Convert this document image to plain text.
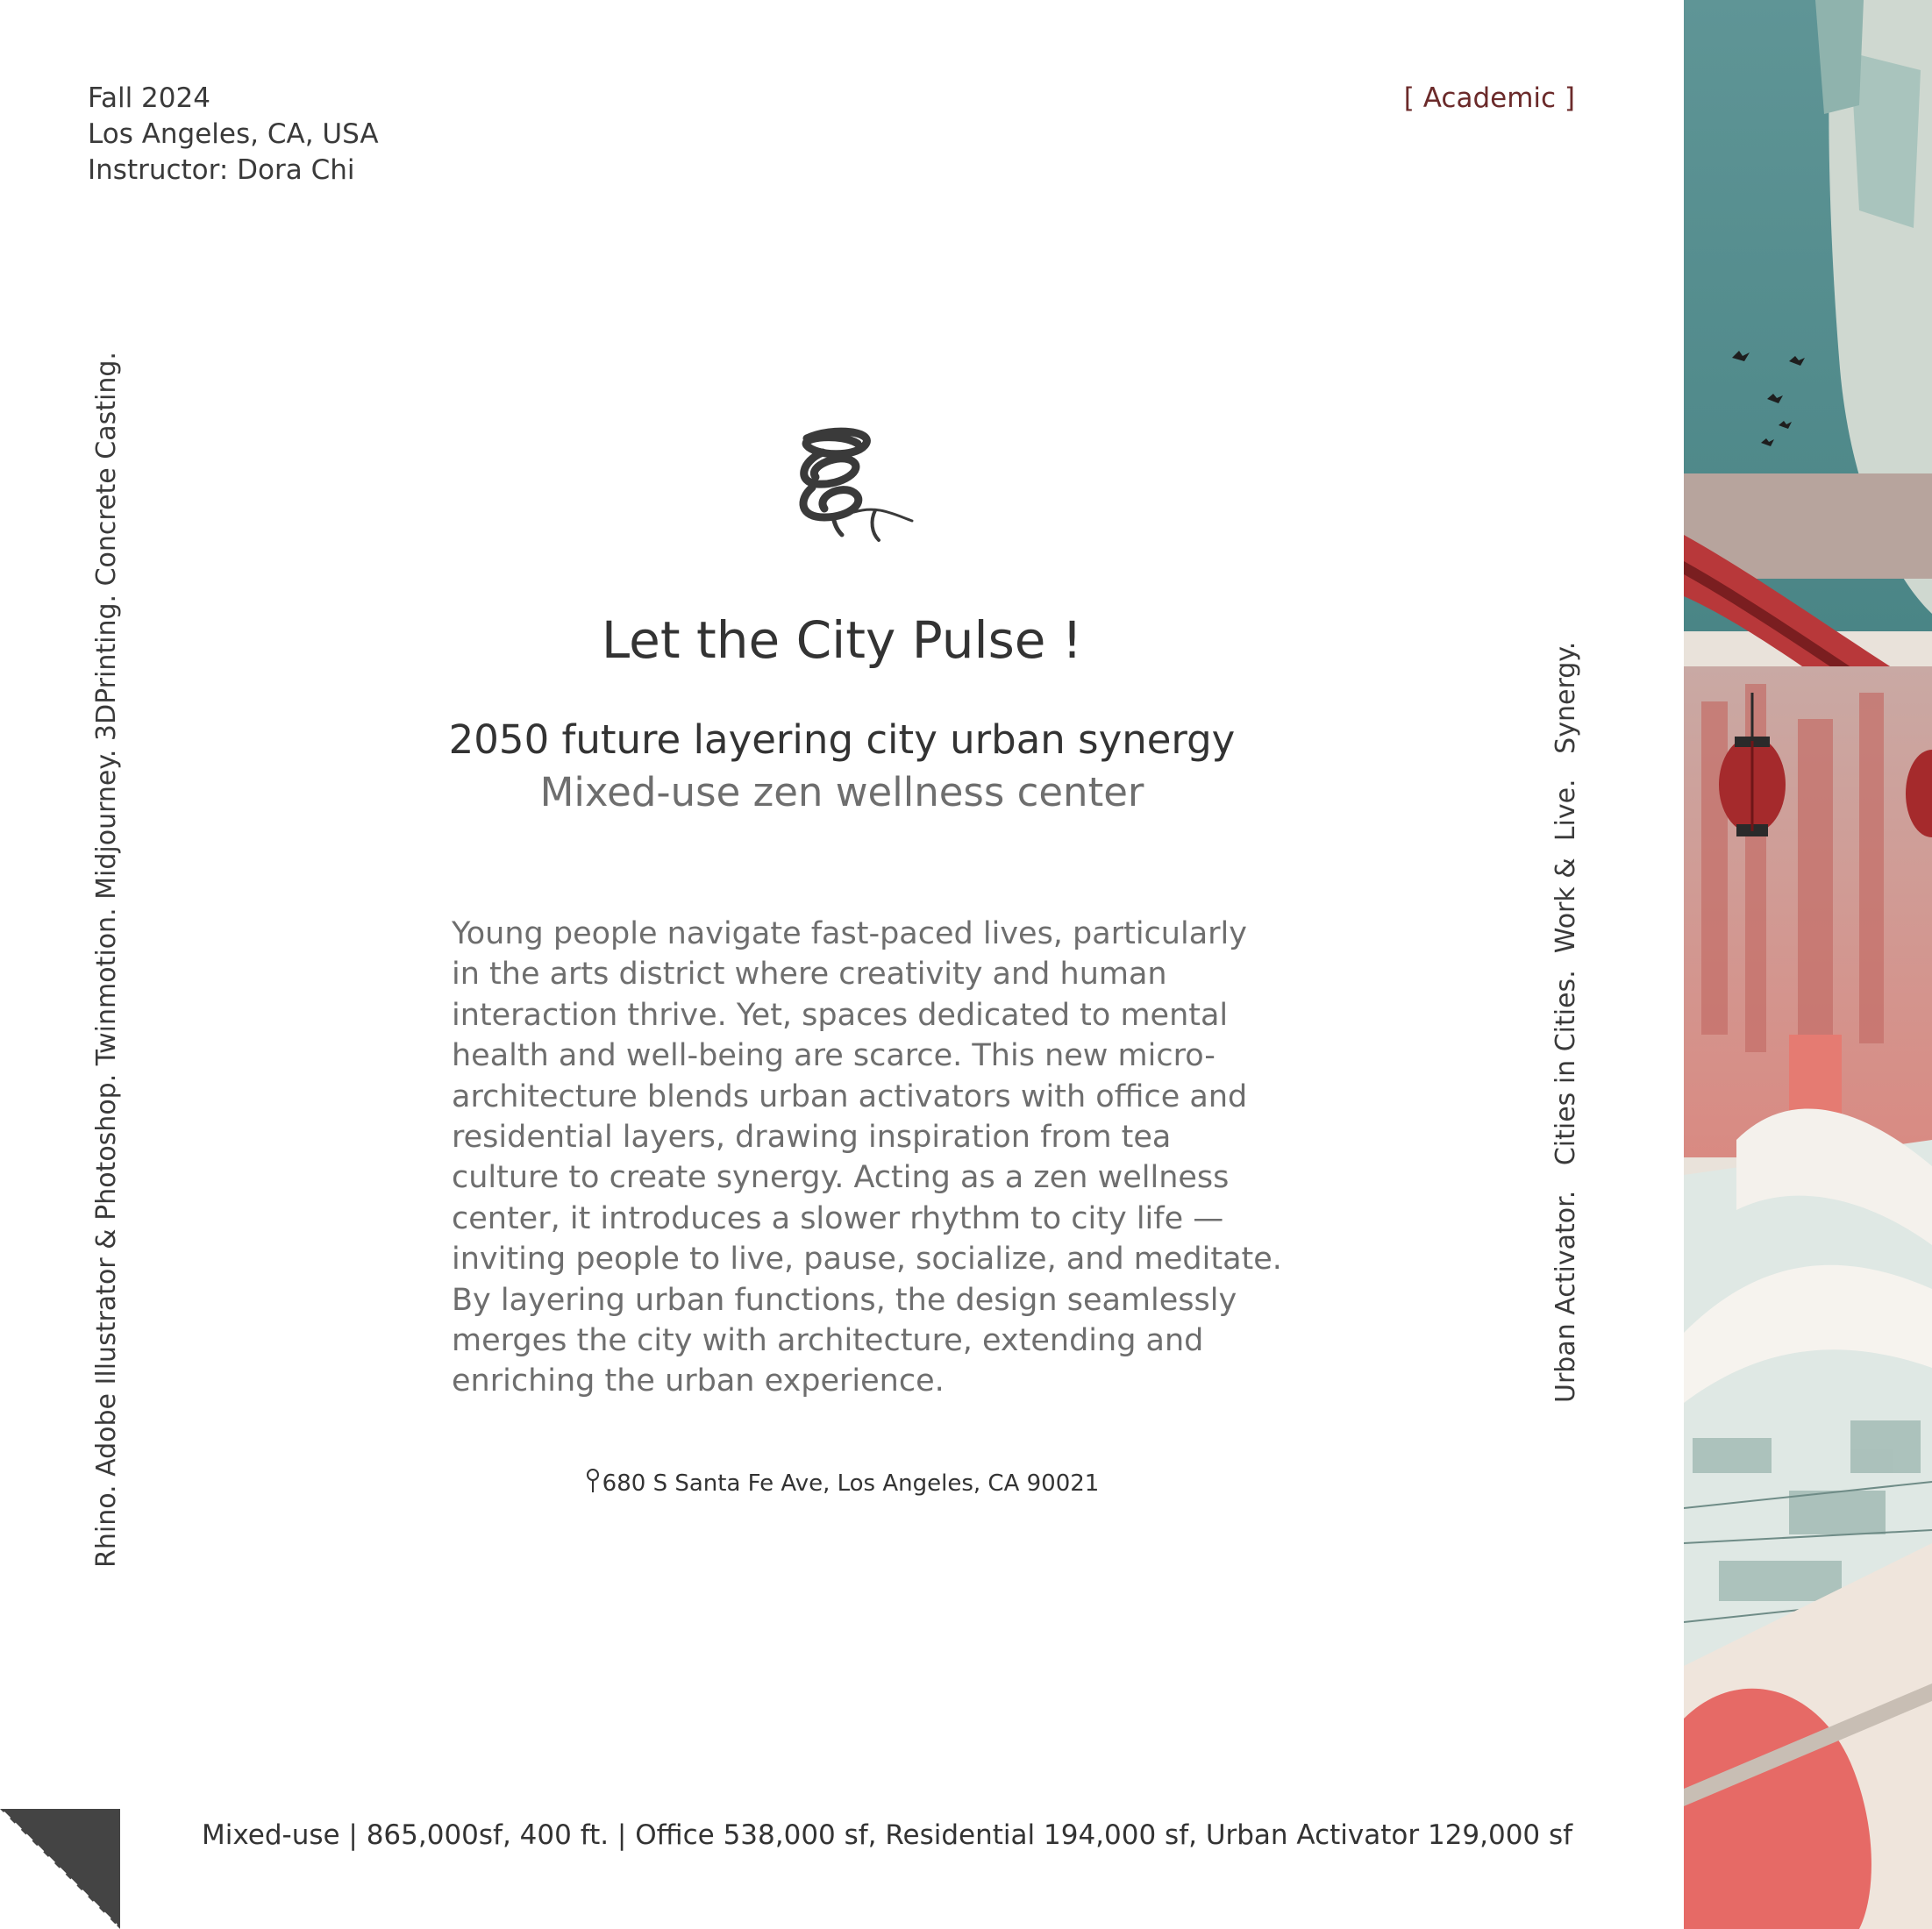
Fall 2024
Los Angeles, CA, USA
Instructor: Dora Chi
[ Academic ]
Rhino. Adobe Illustrator & Photoshop. Twinmotion. Midjourney. 3DPrinting. Concrete Casting.	Urban Activator.   Cities in Cities.  Work &  Live.   Synergy.
Let the City Pulse !
2050 future layering city urban synergy
Mixed-use zen wellness center
Young people navigate fast-paced lives, particularly
in the arts district where creativity and human
interaction thrive. Yet, spaces dedicated to mental
health and well-being are scarce. This new micro-
architecture blends urban activators with office and
residential layers, drawing inspiration from tea
culture to create synergy. Acting as a zen wellness
center, it introduces a slower rhythm to city life —
inviting people to live, pause, socialize, and meditate.
By layering urban functions, the design seamlessly
merges the city with architecture, extending and
enriching the urban experience.
680 S Santa Fe Ave, Los Angeles, CA 90021
Mixed-use | 865,000sf, 400 ft. | Office 538,000 sf, Residential 194,000 sf, Urban Activator 129,000 sf
